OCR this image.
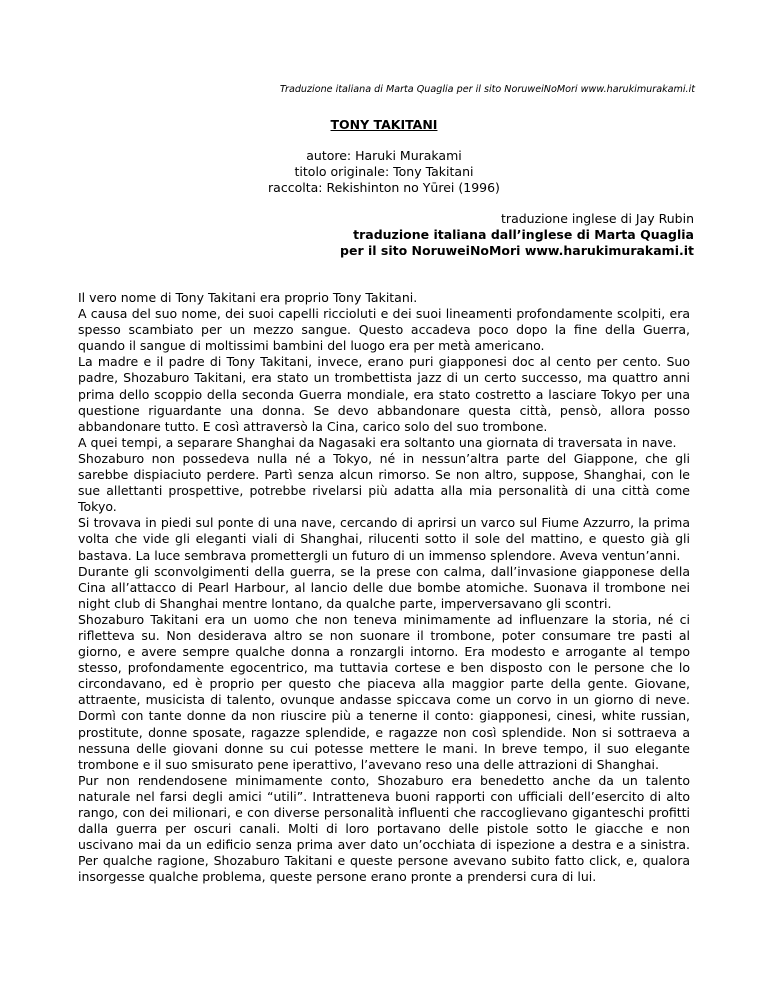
Traduzione italiana di Marta Quaglia per il sito NoruweiNoMori www.harukimurakami.it
TONY TAKITANI
autore: Haruki Murakami
titolo originale: Tony Takitani
raccolta: Rekishinton no Yūrei (1996)
traduzione inglese di Jay Rubin
traduzione italiana dall’inglese di Marta Quaglia
per il sito NoruweiNoMori www.harukimurakami.it

Il vero nome di Tony Takitani era proprio Tony Takitani.

A causa del suo nome, dei suoi capelli riccioluti e dei suoi lineamenti profondamente scolpiti, era spesso scambiato per un mezzo sangue. Questo accadeva poco dopo la fine della Guerra, quando il sangue di moltissimi bambini del luogo era per metà americano.

La madre e il padre di Tony Takitani, invece, erano puri giapponesi doc al cento per cento. Suo padre, Shozaburo Takitani, era stato un trombettista jazz di un certo successo, ma quattro anni prima dello scoppio della seconda Guerra mondiale, era stato costretto a lasciare Tokyo per una questione riguardante una donna. Se devo abbandonare questa città, pensò, allora posso abbandonare tutto. E così attraversò la Cina, carico solo del suo trombone.

A quei tempi, a separare Shanghai da Nagasaki era soltanto una giornata di traversata in nave.

Shozaburo non possedeva nulla né a Tokyo, né in nessun’altra parte del Giappone, che gli sarebbe dispiaciuto perdere. Partì senza alcun rimorso. Se non altro, suppose, Shanghai, con le sue allettanti prospettive, potrebbe rivelarsi più adatta alla mia personalità di una città come Tokyo.

Si trovava in piedi sul ponte di una nave, cercando di aprirsi un varco sul Fiume Azzurro, la prima volta che vide gli eleganti viali di Shanghai, rilucenti sotto il sole del mattino, e questo già gli bastava. La luce sembrava promettergli un futuro di un immenso splendore. Aveva ventun’anni.

Durante gli sconvolgimenti della guerra, se la prese con calma, dall’invasione giapponese della Cina all’attacco di Pearl Harbour, al lancio delle due bombe atomiche. Suonava il trombone nei night club di Shanghai mentre lontano, da qualche parte, imperversavano gli scontri.

Shozaburo Takitani era un uomo che non teneva minimamente ad influenzare la storia, né ci rifletteva su. Non desiderava altro se non suonare il trombone, poter consumare tre pasti al giorno, e avere sempre qualche donna a ronzargli intorno. Era modesto e arrogante al tempo stesso, profondamente egocentrico, ma tuttavia cortese e ben disposto con le persone che lo circondavano, ed è proprio per questo che piaceva alla maggior parte della gente. Giovane, attraente, musicista di talento, ovunque andasse spiccava come un corvo in un giorno di neve. Dormì con tante donne da non riuscire più a tenerne il conto: giapponesi, cinesi, white russian, prostitute, donne sposate, ragazze splendide, e ragazze non così splendide. Non si sottraeva a nessuna delle giovani donne su cui potesse mettere le mani. In breve tempo, il suo elegante trombone e il suo smisurato pene iperattivo, l’avevano reso una delle attrazioni di Shanghai.

Pur non rendendosene minimamente conto, Shozaburo era benedetto anche da un talento naturale nel farsi degli amici “utili”. Intratteneva buoni rapporti con ufficiali dell’esercito di alto rango, con dei milionari, e con diverse personalità influenti che raccoglievano giganteschi profitti dalla guerra per oscuri canali. Molti di loro portavano delle pistole sotto le giacche e non uscivano mai da un edificio senza prima aver dato un’occhiata di ispezione a destra e a sinistra. Per qualche ragione, Shozaburo Takitani e queste persone avevano subito fatto click, e, qualora insorgesse qualche problema, queste persone erano pronte a prendersi cura di lui.
